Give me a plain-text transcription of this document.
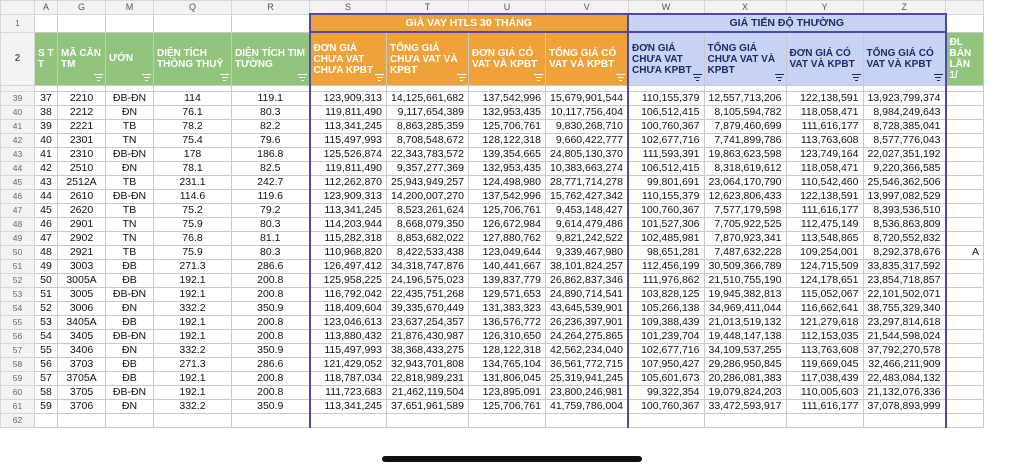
	A	G	M	Q	R	S	T	U	V	W	X	Y	Z	
1						GIÁ VAY HTLS 30 THÁNG				GIÁ TIẾN ĐỘ THƯỜNG				
2	S T T	MÃ CĂN TM	ƯỚN	DIỆN TÍCH THÔNG THUỶ	DIỆN TÍCH TIM TƯỜNG	ĐƠN GIÁ CHƯA VAT CHƯA KPBT	TỔNG GIÁ CHƯA VAT VÀ KPBT	ĐƠN GIÁ CÓ VAT VÀ KPBT	TỔNG GIÁ CÓ VAT VÀ KPBT	ĐƠN GIÁ CHƯA VAT CHƯA KPBT	TỔNG GIÁ CHƯA VAT VÀ KPBT	ĐƠN GIÁ CÓ VAT VÀ KPBT	TỔNG GIÁ CÓ VAT VÀ KPBT	ĐL BÁN LẦN 1/

39	37	2210	ĐB-ĐN	114	119.1	123,909,313	14,125,661,682	137,542,996	15,679,901,544	110,155,379	12,557,713,206	122,138,591	13,923,799,374	
40	38	2212	ĐN	76.1	80.3	119,811,490	9,117,654,389	132,953,435	10,117,756,404	106,512,415	8,105,594,782	118,058,471	8,984,249,643	
41	39	2221	TB	78.2	82.2	113,341,245	8,863,285,359	125,706,761	9,830,268,710	100,760,367	7,879,460,699	111,616,177	8,728,385,041	
42	40	2301	TN	75.4	79.6	115,497,993	8,708,548,672	128,122,318	9,660,422,777	102,677,716	7,741,899,786	113,763,608	8,577,776,043	
43	41	2310	ĐB-ĐN	178	186.8	125,526,874	22,343,783,572	139,354,665	24,805,130,370	111,593,391	19,863,623,598	123,749,164	22,027,351,192	
44	42	2510	ĐN	78.1	82.5	119,811,490	9,357,277,369	132,953,435	10,383,663,274	106,512,415	8,318,619,612	118,058,471	9,220,366,585	
45	43	2512A	TB	231.1	242.7	112,262,870	25,943,949,257	124,498,980	28,771,714,278	99,801,691	23,064,170,790	110,542,460	25,546,362,506	
46	44	2610	ĐB-ĐN	114.6	119.6	123,909,313	14,200,007,270	137,542,996	15,762,427,342	110,155,379	12,623,806,433	122,138,591	13,997,082,529	
47	45	2620	TB	75.2	79.2	113,341,245	8,523,261,624	125,706,761	9,453,148,427	100,760,367	7,577,179,598	111,616,177	8,393,536,510	
48	46	2901	TN	75.9	80.3	114,203,944	8,668,079,350	126,672,984	9,614,479,486	101,527,306	7,705,922,525	112,475,149	8,536,863,809	
49	47	2902	TN	76.8	81.1	115,282,318	8,853,682,022	127,880,762	9,821,242,522	102,485,981	7,870,923,341	113,548,865	8,720,552,832	
50	48	2921	TB	75.9	80.3	110,968,820	8,422,533,438	123,049,644	9,339,467,980	98,651,281	7,487,632,228	109,254,001	8,292,378,676	A
51	49	3003	ĐB	271.3	286.6	126,497,412	34,318,747,876	140,441,667	38,101,824,257	112,456,199	30,509,366,789	124,715,509	33,835,317,592	
52	50	3005A	ĐB	192.1	200.8	125,958,225	24,196,575,023	139,837,779	26,862,837,346	111,976,862	21,510,755,190	124,178,651	23,854,718,857	
53	51	3005	ĐB-ĐN	192.1	200.8	116,792,042	22,435,751,268	129,571,653	24,890,714,541	103,828,125	19,945,382,813	115,052,067	22,101,502,071	
54	52	3006	ĐN	332.2	350.9	118,409,604	39,335,670,449	131,383,323	43,645,539,901	105,266,138	34,969,411,044	116,662,641	38,755,329,340	
55	53	3405A	ĐB	192.1	200.8	123,046,613	23,637,254,357	136,576,772	26,236,397,901	109,388,439	21,013,519,132	121,279,618	23,297,814,618	
56	54	3405	ĐB-ĐN	192.1	200.8	113,880,432	21,876,430,987	126,310,650	24,264,275,865	101,239,704	19,448,147,138	112,153,035	21,544,598,024	
57	55	3406	ĐN	332.2	350.9	115,497,993	38,368,433,275	128,122,318	42,562,234,040	102,677,716	34,109,537,255	113,763,608	37,792,270,578	
58	56	3703	ĐB	271.3	286.6	121,429,052	32,943,701,808	134,765,104	36,561,772,715	107,950,427	29,286,950,845	119,669,045	32,466,211,909	
59	57	3705A	ĐB	192.1	200.8	118,787,034	22,818,989,231	131,806,045	25,319,941,245	105,601,673	20,286,081,383	117,038,439	22,483,084,132	
60	58	3705	ĐB-ĐN	192.1	200.8	111,723,683	21,462,119,504	123,895,091	23,800,246,981	99,322,354	19,079,824,203	110,005,603	21,132,076,336	
61	59	3706	ĐN	332.2	350.9	113,341,245	37,651,961,589	125,706,761	41,759,786,004	100,760,367	33,472,593,917	111,616,177	37,078,893,999	
62														
